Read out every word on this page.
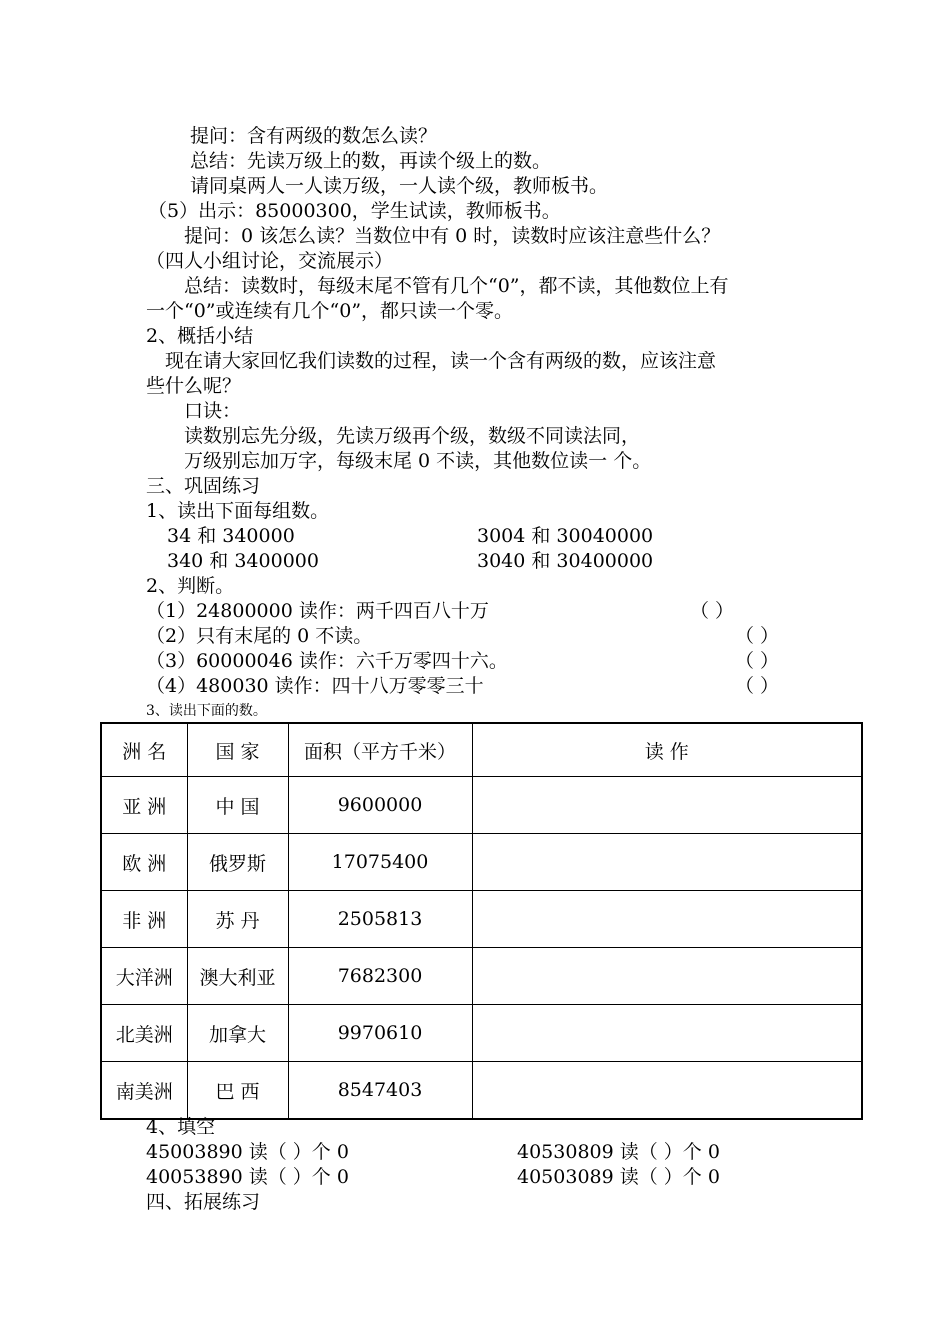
提问：含有两级的数怎么读？
总结：先读万级上的数，再读个级上的数。
请同桌两人一人读万级，一人读个级，教师板书。
（5）出示：85000300，学生试读，教师板书。
提问：0 该怎么读？当数位中有 0 时，读数时应该注意些什么？
（四人小组讨论，交流展示）
总结：读数时，每级末尾不管有几个“0”，都不读，其他数位上有
一个“0”或连续有几个“0”，都只读一个零。
2、概括小结
现在请大家回忆我们读数的过程，读一个含有两级的数，应该注意
些什么呢？
口诀：
读数别忘先分级，先读万级再个级，数级不同读法同，
万级别忘加万字，每级末尾 0 不读，其他数位读一 个。
三、巩固练习
1、读出下面每组数。
34 和 340000	3004 和 30040000
340 和 3400000	3040 和 30400000
2、判断。
（1）24800000 读作：两千四百八十万	（ ）
（2）只有末尾的 0 不读。	（ ）
（3）60000046 读作：六千万零四十六。	（ ）
（4）480030 读作：四十八万零零三十	（ ）
3、读出下面的数。
洲 名	国 家	面积（平方千米）	读 作
亚 洲	中 国	9600000	
欧 洲	俄罗斯	17075400	
非 洲	苏 丹	2505813	
大洋洲	澳大利亚	7682300	
北美洲	加拿大	9970610	
南美洲	巴 西	8547403	
4、填空
45003890 读（ ）个 0	40530809 读（ ）个 0
40053890 读（ ）个 0	40503089 读（ ）个 0
四、拓展练习
